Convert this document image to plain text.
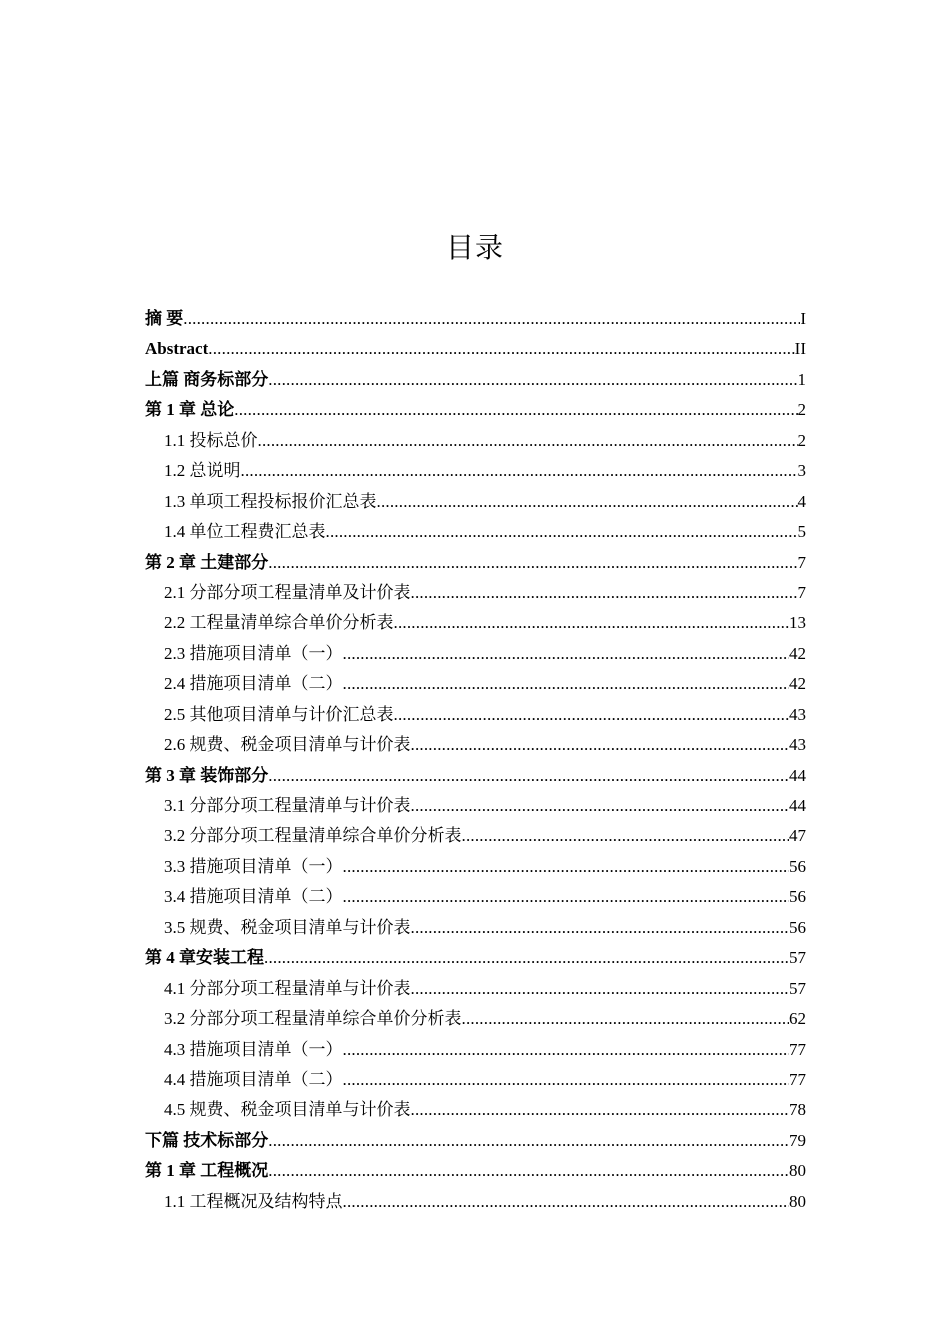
目录
摘 要 .....	I
Abstract .....	II
上篇 商务标部分 .....	1
第 1 章 总论 .....	2
1.1 投标总价 .....	2
1.2 总说明 .....	3
1.3 单项工程投标报价汇总表 .....	4
1.4 单位工程费汇总表 .....	5
第 2 章 土建部分 .....	7
2.1 分部分项工程量清单及计价表 .....	7
2.2 工程量清单综合单价分析表 .....	13
2.3 措施项目清单（一） .....	42
2.4 措施项目清单（二） .....	42
2.5 其他项目清单与计价汇总表 .....	43
2.6 规费、税金项目清单与计价表 .....	43
第 3 章 装饰部分 .....	44
3.1 分部分项工程量清单与计价表 .....	44
3.2 分部分项工程量清单综合单价分析表 .....	47
3.3 措施项目清单（一） .....	56
3.4 措施项目清单（二） .....	56
3.5 规费、税金项目清单与计价表 .....	56
第 4 章安装工程 .....	57
4.1 分部分项工程量清单与计价表 .....	57
3.2 分部分项工程量清单综合单价分析表 .....	62
4.3 措施项目清单（一） .....	77
4.4 措施项目清单（二） .....	77
4.5 规费、税金项目清单与计价表 .....	78
下篇 技术标部分 .....	79
第 1 章 工程概况 .....	80
1.1 工程概况及结构特点 .....	80
